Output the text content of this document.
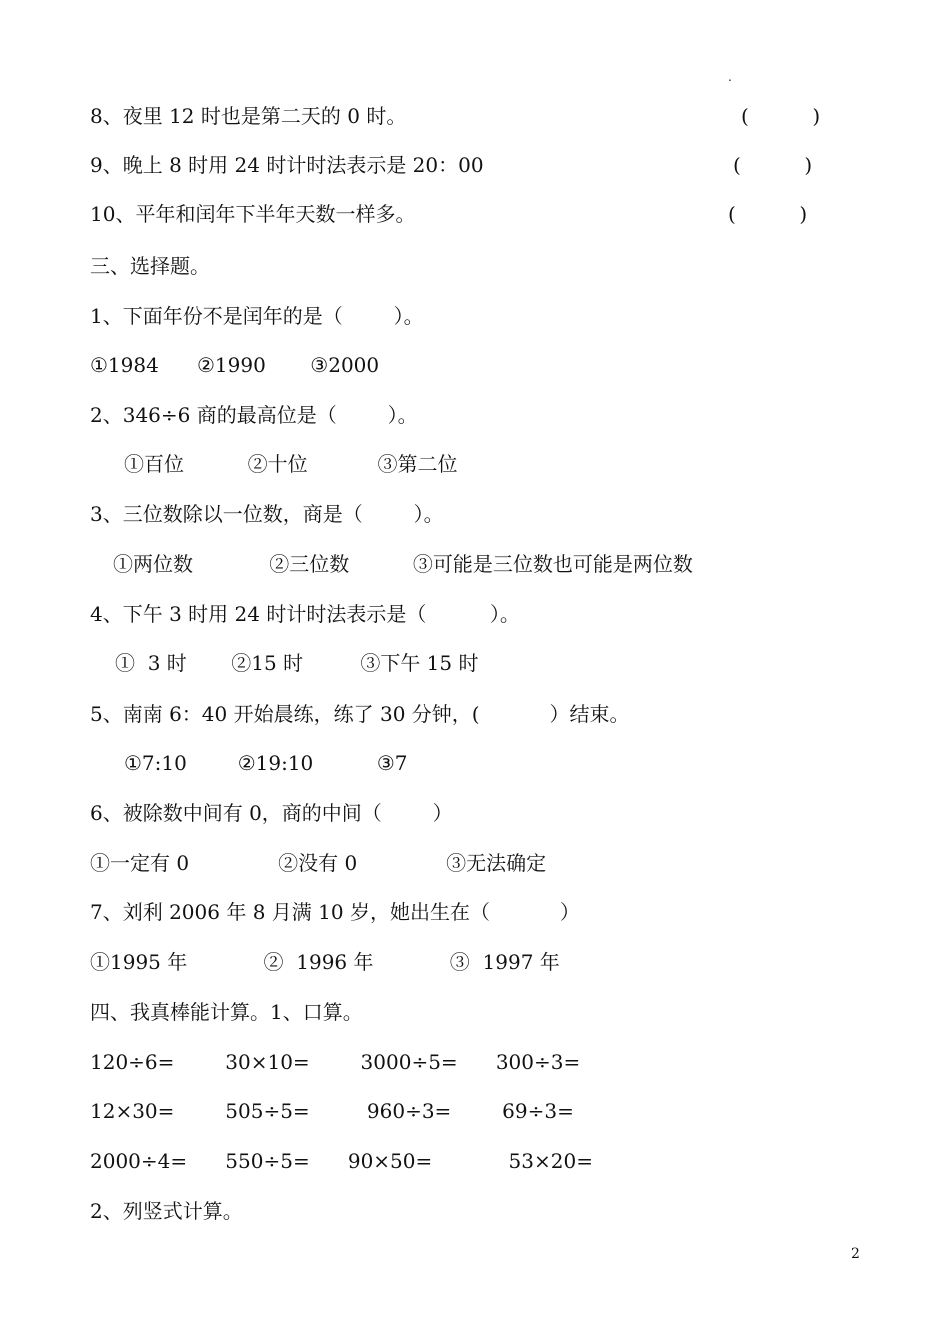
.
8、夜里 12 时也是第二天的 0 时。	(          )
9、晚上 8 时用 24 时计时法表示是 20：00	(          )
10、平年和闰年下半年天数一样多。	(          )
三、选择题。
1、下面年份不是闰年的是（        ）。
①1984      ②1990       ③2000
2、346÷6 商的最高位是（        ）。
①百位          ②十位           ③第二位
3、三位数除以一位数，商是（        ）。
①两位数            ②三位数          ③可能是三位数也可能是两位数
4、下午 3 时用 24 时计时法表示是（          ）。
①  3 时       ②15 时         ③下午 15 时
5、南南 6：40 开始晨练，练了 30 分钟，(           ）结束。
①7:10        ②19:10          ③7
6、被除数中间有 0，商的中间（        ）
①一定有 0              ②没有 0              ③无法确定
7、刘利 2006 年 8 月满 10 岁，她出生在（           ）
①1995 年            ②  1996 年            ③  1997 年
四、我真棒能计算。1、口算。
120÷6=        30×10=        3000÷5=      300÷3=
12×30=        505÷5=         960÷3=        69÷3=
2000÷4=      550÷5=      90×50=            53×20=
2、列竖式计算。
2
